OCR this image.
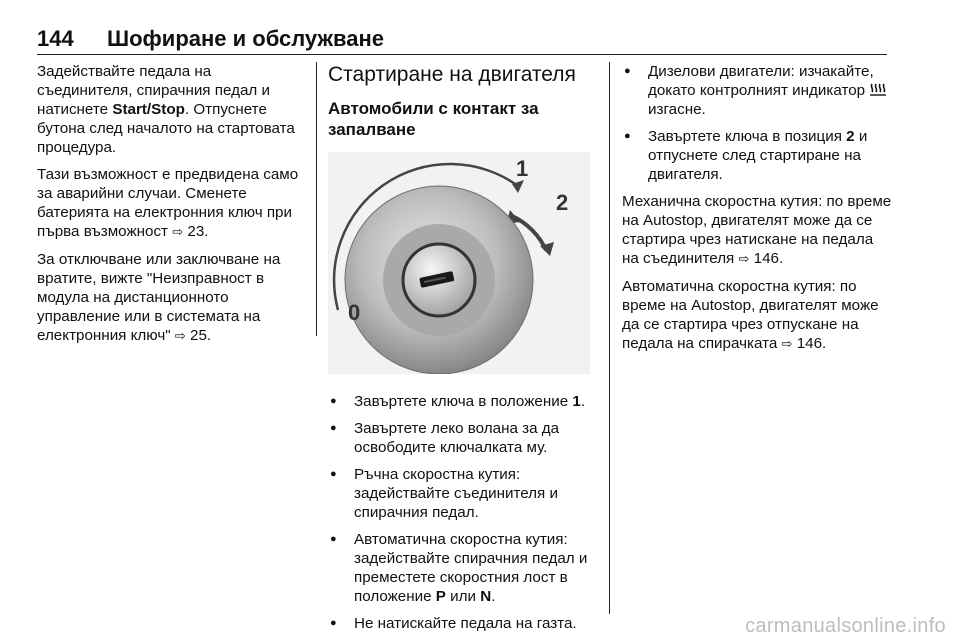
144 Шофиране и обслужване

Задействайте педала на съединителя, спирачния педал и натиснете Start/Stop. Отпуснете бутона след началото на стартовата процедура.

Тази възможност е предвидена само за аварийни случаи. Сменете батерията на електронния ключ при първа възможност ⇨ 23.

За отключване или заключване на вратите, вижте "Неизправност в модула на дистанционното управление или в системата на електронния ключ" ⇨ 25.

Стартиране на двигателя
Автомобили с контакт за запалване
0
1
2
● Завъртете ключа в положение 1.
● Завъртете леко волана за да освободите ключалката му.
● Ръчна скоростна кутия: задействайте съединителя и спирачния педал.
● Автоматична скоростна кутия: задействайте спирачния педал и преместете скоростния лост в положение P или N.
● Не натискайте педала на газта.
● Дизелови двигатели: изчакайте, докато контролният индикатор  изгасне.
● Завъртете ключа в позиция 2 и отпуснете след стартиране на двигателя.

Механична скоростна кутия: по време на Autostop, двигателят може да се стартира чрез натискане на педала на съединителя ⇨ 146.

Автоматична скоростна кутия: по време на Autostop, двигателят може да се стартира чрез отпускане на педала на спирачката ⇨ 146.

carmanualsonline.info
